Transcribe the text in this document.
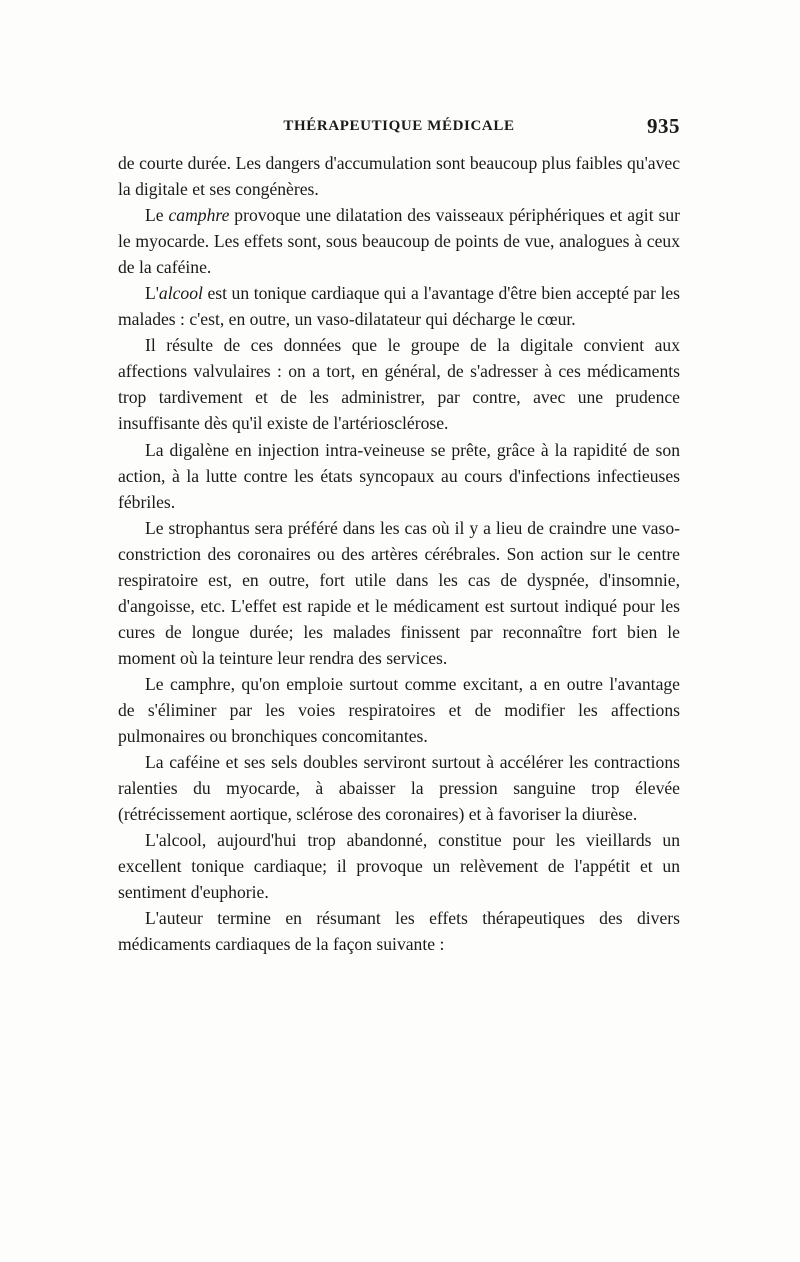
THÉRAPEUTIQUE MÉDICALE	935

de courte durée. Les dangers d'accumulation sont beaucoup plus faibles qu'avec la digitale et ses congénères.

Le camphre provoque une dilatation des vaisseaux périphériques et agit sur le myocarde. Les effets sont, sous beaucoup de points de vue, analogues à ceux de la caféine.

L'alcool est un tonique cardiaque qui a l'avantage d'être bien accepté par les malades : c'est, en outre, un vaso-dilatateur qui décharge le cœur.

Il résulte de ces données que le groupe de la digitale convient aux affections valvulaires : on a tort, en général, de s'adresser à ces médicaments trop tardivement et de les administrer, par contre, avec une prudence insuffisante dès qu'il existe de l'artériosclérose.

La digalène en injection intra-veineuse se prête, grâce à la rapidité de son action, à la lutte contre les états syncopaux au cours d'infections infectieuses fébriles.

Le strophantus sera préféré dans les cas où il y a lieu de craindre une vaso-constriction des coronaires ou des artères cérébrales. Son action sur le centre respiratoire est, en outre, fort utile dans les cas de dyspnée, d'insomnie, d'angoisse, etc. L'effet est rapide et le médicament est surtout indiqué pour les cures de longue durée; les malades finissent par reconnaître fort bien le moment où la teinture leur rendra des services.

Le camphre, qu'on emploie surtout comme excitant, a en outre l'avantage de s'éliminer par les voies respiratoires et de modifier les affections pulmonaires ou bronchiques concomitantes.

La caféine et ses sels doubles serviront surtout à accélérer les contractions ralenties du myocarde, à abaisser la pression sanguine trop élevée (rétrécissement aortique, sclérose des coronaires) et à favoriser la diurèse.

L'alcool, aujourd'hui trop abandonné, constitue pour les vieillards un excellent tonique cardiaque; il provoque un relèvement de l'appétit et un sentiment d'euphorie.

L'auteur termine en résumant les effets thérapeutiques des divers médicaments cardiaques de la façon suivante :
